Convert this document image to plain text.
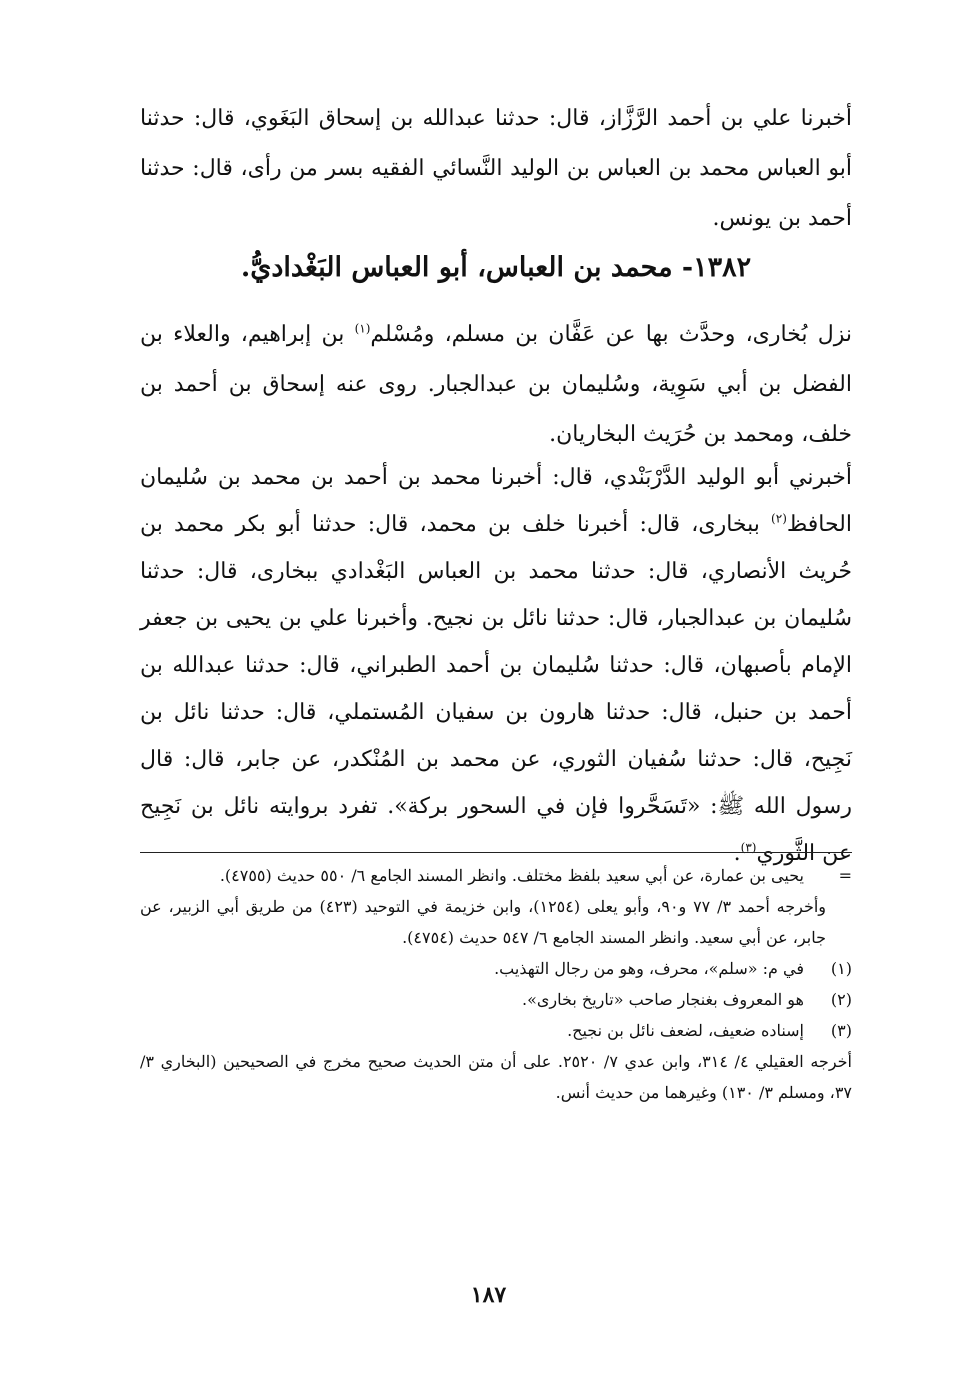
أخبرنا علي بن أحمد الرَّزَّاز، قال: حدثنا عبدالله بن إسحاق البَغَوي، قال: حدثنا أبو العباس محمد بن العباس بن الوليد النَّسائي الفقيه بسر من رأى، قال: حدثنا أحمد بن يونس.

١٣٨٢- محمد بن العباس، أبو العباس البَغْداديُّ.

نزل بُخارى، وحدَّث بها عن عَفَّان بن مسلم، ومُسْلم$^{(١)}$ بن إبراهيم، والعلاء بن الفضل بن أبي سَوِية، وسُليمان بن عبدالجبار. روى عنه إسحاق بن أحمد بن خلف، ومحمد بن حُرَيث البخاريان.

أخبرني أبو الوليد الدَّرْبَنْدي، قال: أخبرنا محمد بن أحمد بن محمد بن سُليمان الحافظ$^{(٢)}$ ببخارى، قال: أخبرنا خلف بن محمد، قال: حدثنا أبو بكر محمد بن حُريث الأنصاري، قال: حدثنا محمد بن العباس البَغْدادي ببخارى، قال: حدثنا سُليمان بن عبدالجبار، قال: حدثنا نائل بن نجيح. وأخبرنا علي بن يحيى بن جعفر الإمام بأصبهان، قال: حدثنا سُليمان بن أحمد الطبراني، قال: حدثنا عبدالله بن أحمد بن حنبل، قال: حدثنا هارون بن سفيان المُستملي، قال: حدثنا نائل بن نَجِيح، قال: حدثنا سُفيان الثوري، عن محمد بن المُنْكدر، عن جابر، قال: قال رسول الله ﷺ: «تَسَحَّروا فإن في السحور بركة». تفرد بروايته نائل بن نَجِيح عن الثَّوري$^{(٣)}$.

=
يحيى بن عمارة، عن أبي سعيد بلفظ مختلف. وانظر المسند الجامع ٦/ ٥٥٠ حديث (٤٧٥٥).

وأخرجه أحمد ٣/ ٧٧ و٩٠، وأبو يعلى (١٢٥٤)، وابن خزيمة في التوحيد (٤٢٣) من طريق أبي الزبير، عن جابر، عن أبي سعيد. وانظر المسند الجامع ٦/ ٥٤٧ حديث (٤٧٥٤).

(١)
في م: «سلم»، محرف، وهو من رجال التهذيب.
(٢)
هو المعروف بغنجار صاحب «تاريخ بخارى».
(٣)
إسناده ضعيف، لضعف نائل بن نجيح.

أخرجه العقيلي ٤/ ٣١٤، وابن عدي ٧/ ٢٥٢٠. على أن متن الحديث صحيح مخرج في الصحيحين (البخاري ٣/ ٣٧، ومسلم ٣/ ١٣٠) وغيرهما من حديث أنس.

١٨٧
